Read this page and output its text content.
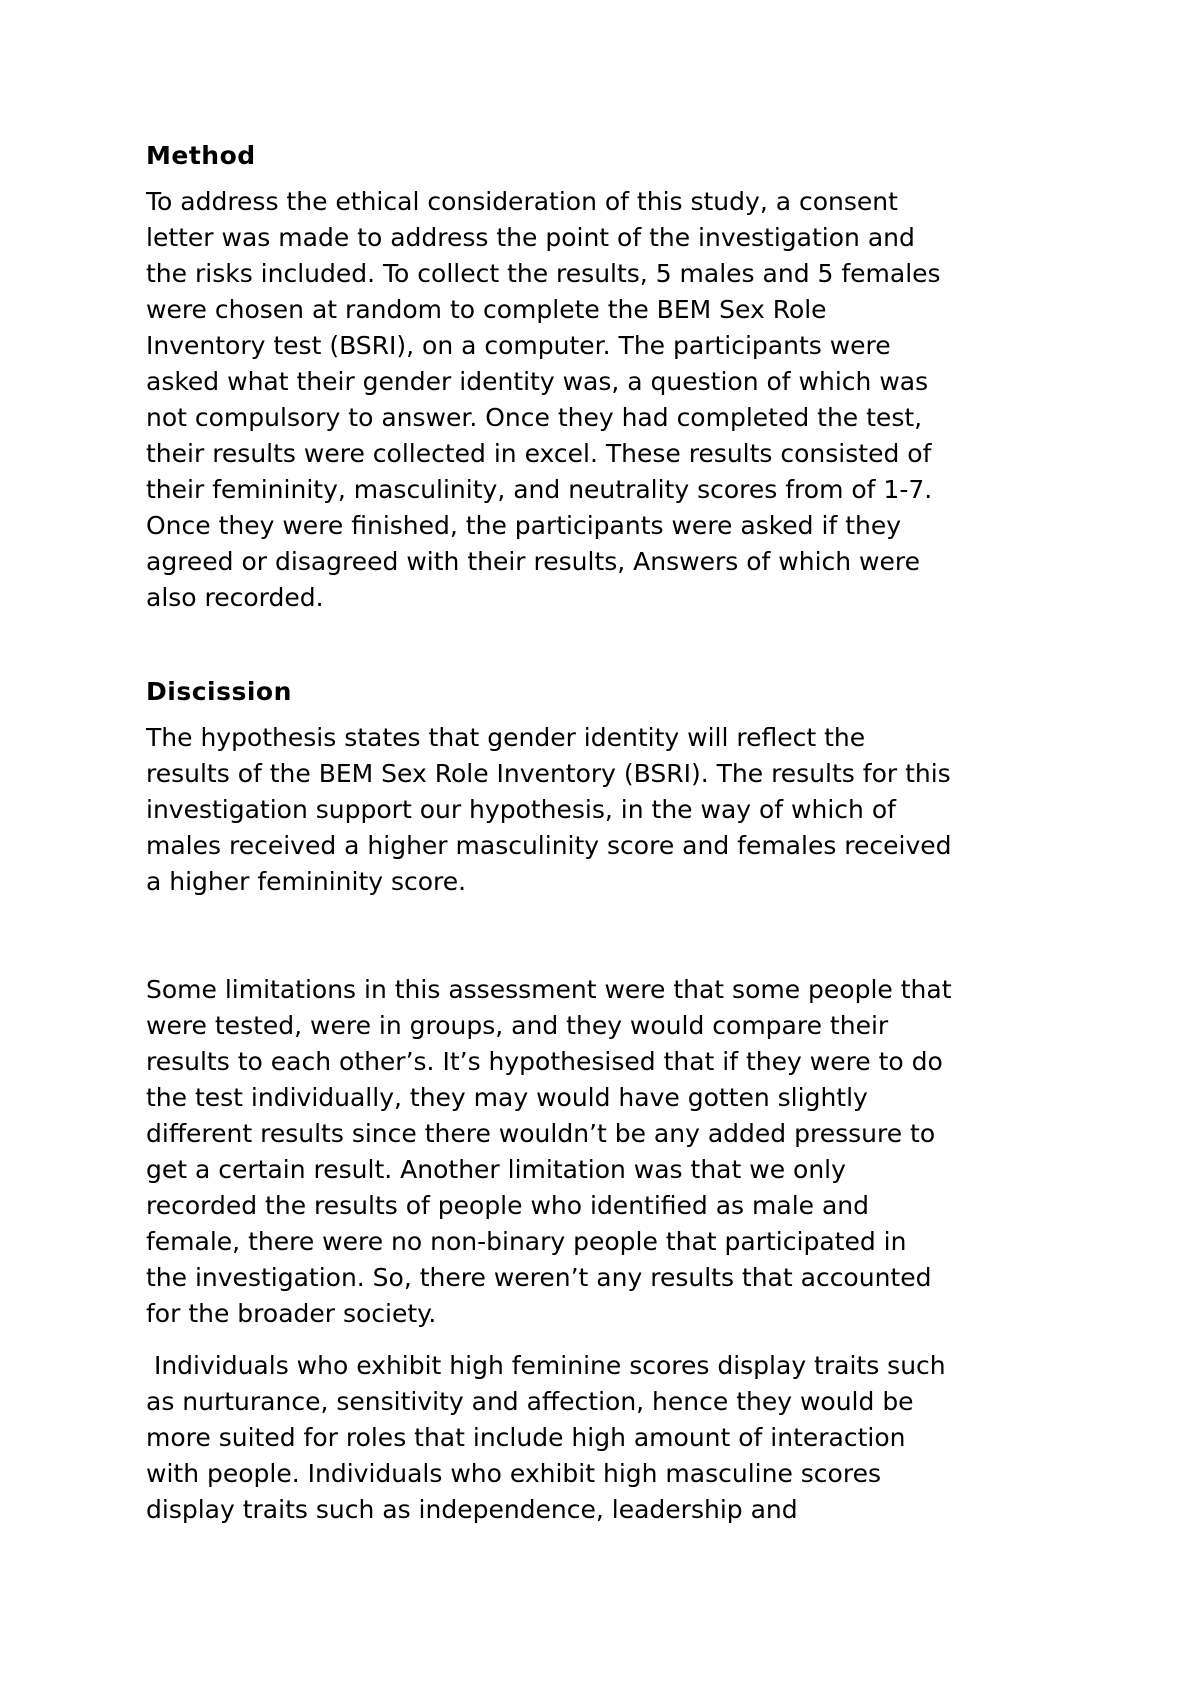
Method
To address the ethical consideration of this study, a consent
letter was made to address the point of the investigation and
the risks included. To collect the results, 5 males and 5 females
were chosen at random to complete the BEM Sex Role
Inventory test (BSRI), on a computer. The participants were
asked what their gender identity was, a question of which was
not compulsory to answer. Once they had completed the test,
their results were collected in excel. These results consisted of
their femininity, masculinity, and neutrality scores from of 1-7.
Once they were finished, the participants were asked if they
agreed or disagreed with their results, Answers of which were
also recorded.
Discission
The hypothesis states that gender identity will reflect the
results of the BEM Sex Role Inventory (BSRI). The results for this
investigation support our hypothesis, in the way of which of
males received a higher masculinity score and females received
a higher femininity score.
Some limitations in this assessment were that some people that
were tested, were in groups, and they would compare their
results to each other’s. It’s hypothesised that if they were to do
the test individually, they may would have gotten slightly
different results since there wouldn’t be any added pressure to
get a certain result. Another limitation was that we only
recorded the results of people who identified as male and
female, there were no non-binary people that participated in
the investigation. So, there weren’t any results that accounted
for the broader society.
Individuals who exhibit high feminine scores display traits such
as nurturance, sensitivity and affection, hence they would be
more suited for roles that include high amount of interaction
with people. Individuals who exhibit high masculine scores
display traits such as independence, leadership and
